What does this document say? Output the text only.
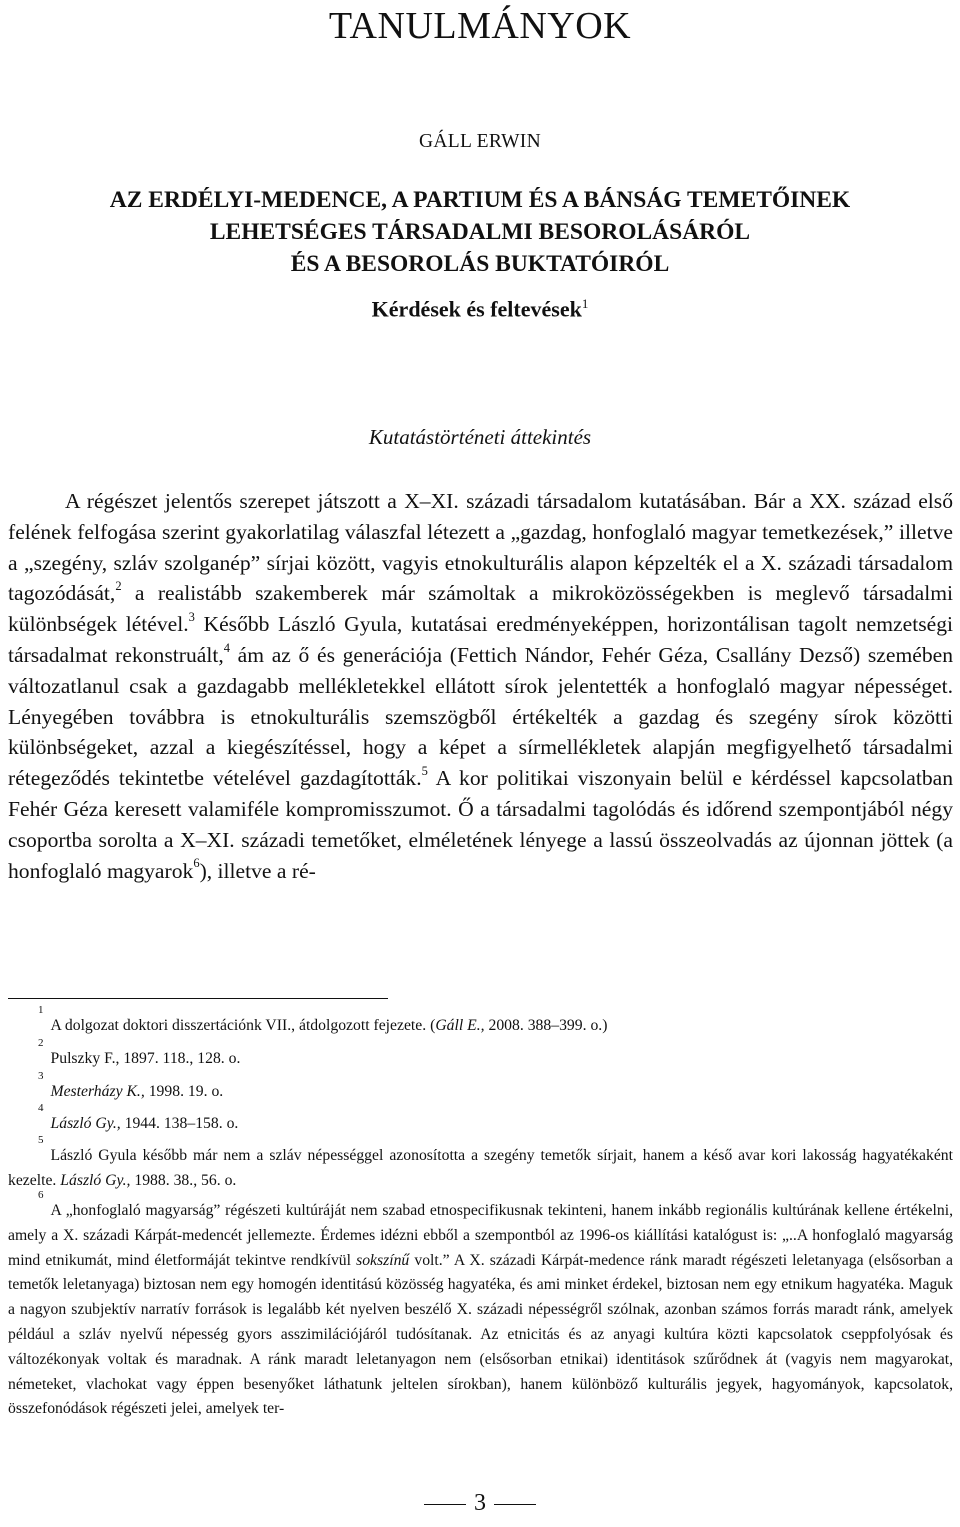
TANULMÁNYOK
GÁLL ERWIN
AZ ERDÉLYI-MEDENCE, A PARTIUM ÉS A BÁNSÁG TEMETŐINEK
LEHETSÉGES TÁRSADALMI BESOROLÁSÁRÓL
ÉS A BESOROLÁS BUKTATÓIRÓL
Kérdések és feltevések$^1$
Kutatástörténeti áttekintés

A régészet jelentős szerepet játszott a X–XI. századi társadalom kutatásában. Bár a XX. század első felének felfogása szerint gyakorlatilag válaszfal létezett a „gazdag, honfoglaló magyar temetkezések,” illetve a „szegény, szláv szolganép” sírjai között, vagyis etnokulturális alapon képzelték el a X. századi társadalom tagozódását,$^2$ a realistább szakemberek már számoltak a mikroközösségekben is meglevő társadalmi különbségek létével.$^3$ Később László Gyula, kutatásai eredményeképpen, horizontálisan tagolt nemzetségi társadalmat rekonstruált,$^4$ ám az ő és generációja (Fettich Nándor, Fehér Géza, Csallány Dezső) szemében változatlanul csak a gazdagabb mellékletekkel ellátott sírok jelentették a honfoglaló magyar népességet. Lényegében továbbra is etnokulturális szemszögből értékelték a gazdag és szegény sírok közötti különbségeket, azzal a kiegészítéssel, hogy a képet a sírmellékletek alapján megfigyelhető társadalmi rétegeződés tekintetbe vételével gazdagították.$^5$ A kor politikai viszonyain belül e kérdéssel kapcsolatban Fehér Géza keresett valamiféle kompromisszumot. Ő a társadalmi tagolódás és időrend szempontjából négy csoportba sorolta a X–XI. századi temetőket, elméletének lényege a lassú összeolvadás az újonnan jöttek (a honfoglaló magyarok$^6$), illetve a ré-

$^1$A dolgozat doktori disszertációnk VII., átdolgozott fejezete. (Gáll E., 2008. 388–399. o.)
$^2$Pulszky F., 1897. 118., 128. o.
$^3$Mesterházy K., 1998. 19. o.
$^4$László Gy., 1944. 138–158. o.
$^5$László Gyula később már nem a szláv népességgel azonosította a szegény temetők sírjait, hanem a késő avar kori lakosság hagyatékaként kezelte. László Gy., 1988. 38., 56. o.
$^6$A „honfoglaló magyarság” régészeti kultúráját nem szabad etnospecifikusnak tekinteni, hanem inkább regionális kultúrának kellene értékelni, amely a X. századi Kárpát-medencét jellemezte. Érdemes idézni ebből a szempontból az 1996-os kiállítási katalógust is: „..A honfoglaló magyarság mind etnikumát, mind életformáját tekintve rendkívül sokszínű volt.” A X. századi Kárpát-medence ránk maradt régészeti leletanyaga (elsősorban a temetők leletanyaga) biztosan nem egy homogén identitású közösség hagyatéka, és ami minket érdekel, biztosan nem egy etnikum hagyatéka. Maguk a nagyon szubjektív narratív források is legalább két nyelven beszélő X. századi népességről szólnak, azonban számos forrás maradt ránk, amelyek például a szláv nyelvű népesség gyors asszimilációjáról tudósítanak. Az etnicitás és az anyagi kultúra közti kapcsolatok cseppfolyósak és változékonyak voltak és maradnak. A ránk maradt leletanyagon nem (elsősorban etnikai) identitások szűrődnek át (vagyis nem magyarokat, németeket, vlachokat vagy éppen besenyőket láthatunk jeltelen sírokban), hanem különböző kulturális jegyek, hagyományok, kapcsolatok, összefonódások régészeti jelei, amelyek ter-
3
